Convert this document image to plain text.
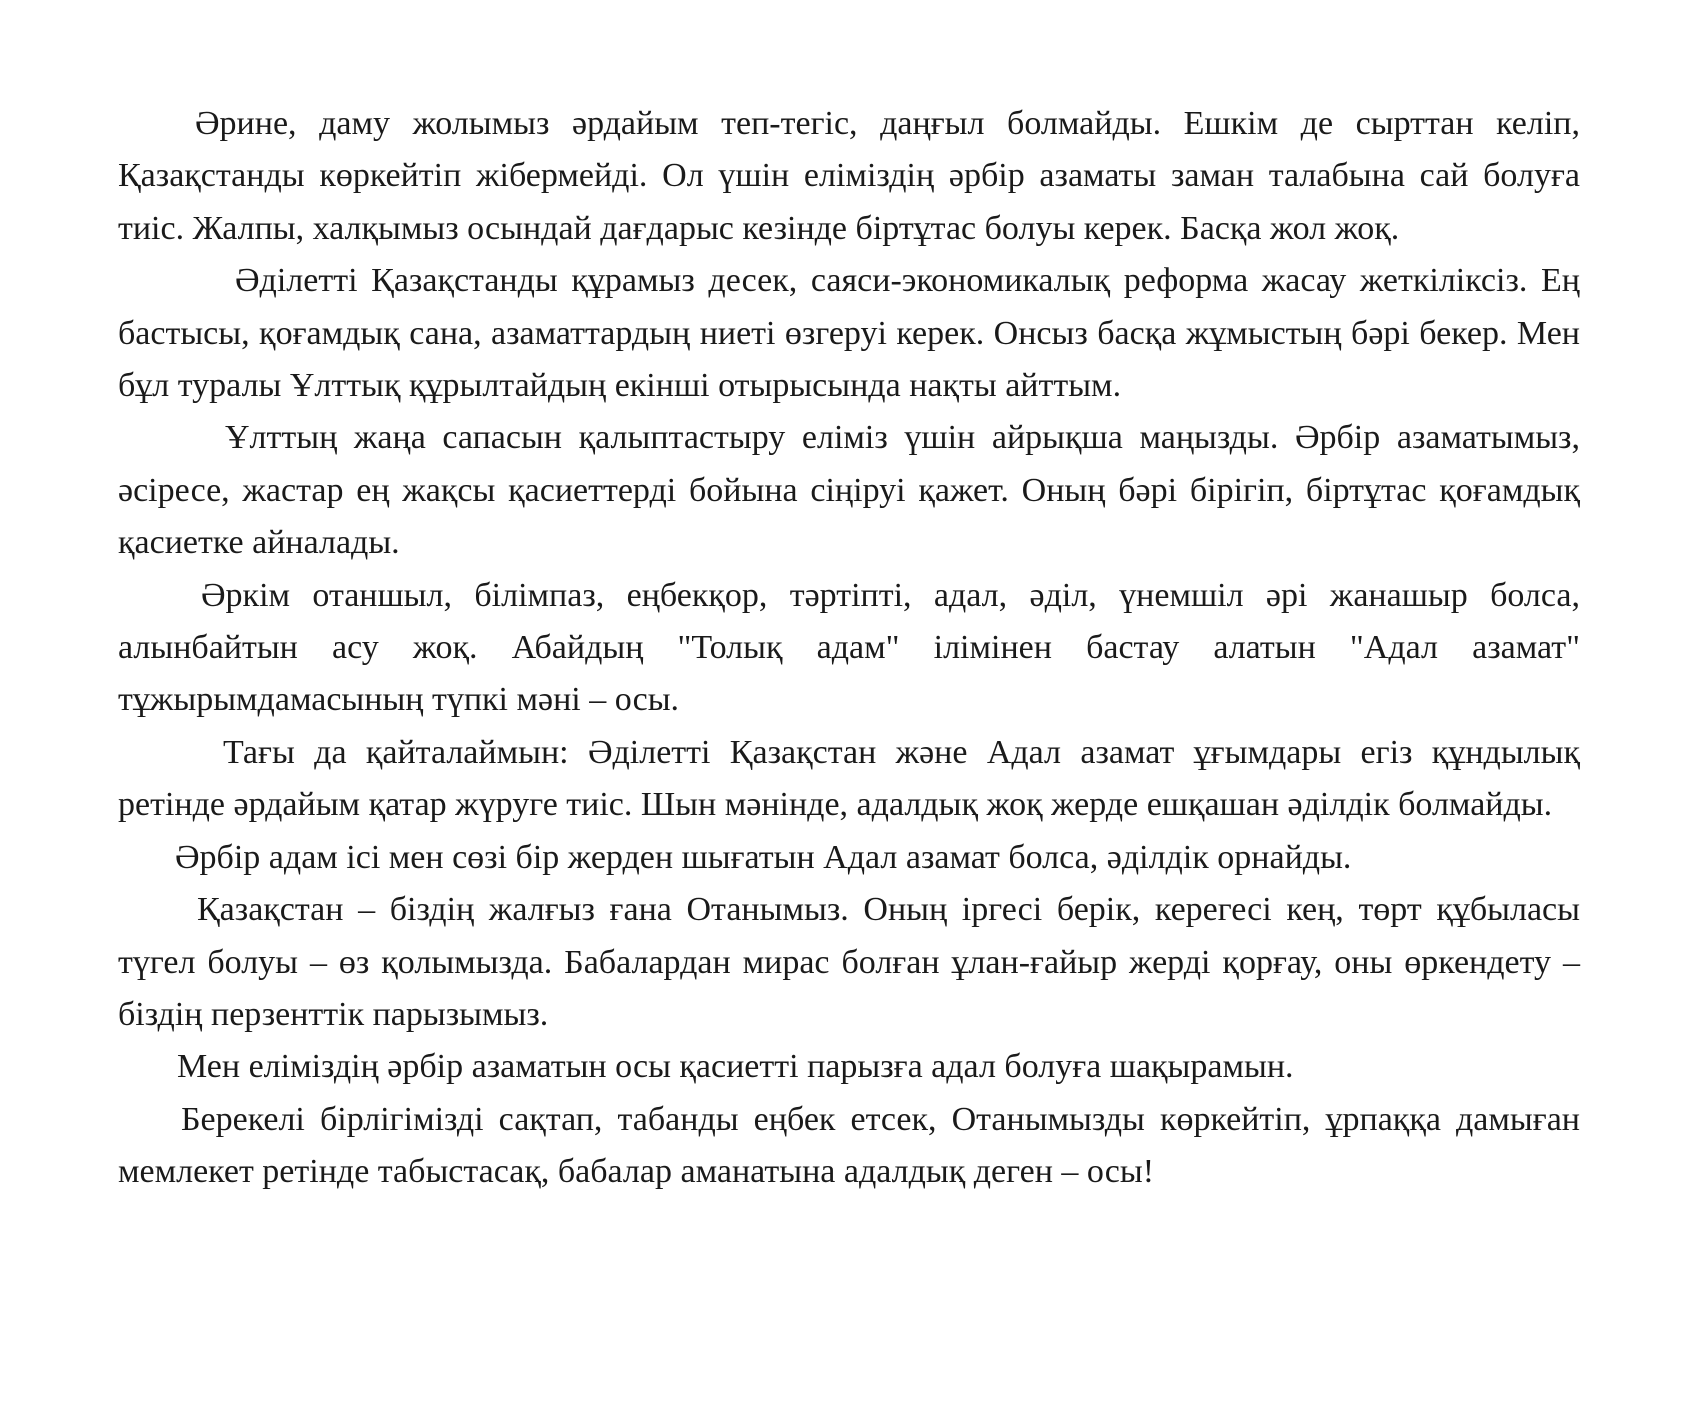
Әрине, даму жолымыз әрдайым теп-тегіс, даңғыл болмайды. Ешкім де сырттан келіп, Қазақстанды көркейтіп жібермейді. Ол үшін еліміздің әрбір азаматы заман талабына сай болуға тиіс. Жалпы, халқымыз осындай дағдарыс кезінде біртұтас болуы керек. Басқа жол жоқ.

Әділетті Қазақстанды құрамыз десек, саяси-экономикалық реформа жасау жеткіліксіз. Ең бастысы, қоғамдық сана, азаматтардың ниеті өзгеруі керек. Онсыз басқа жұмыстың бәрі бекер. Мен бұл туралы Ұлттық құрылтайдың екінші отырысында нақты айттым.

Ұлттың жаңа сапасын қалыптастыру еліміз үшін айрықша маңызды. Әрбір азаматымыз, әсіресе, жастар ең жақсы қасиеттерді бойына сіңіруі қажет. Оның бәрі бірігіп, біртұтас қоғамдық қасиетке айналады.

Әркім отаншыл, білімпаз, еңбекқор, тәртіпті, адал, әділ, үнемшіл әрі жанашыр болса, алынбайтын асу жоқ. Абайдың "Толық адам" ілімінен бастау алатын "Адал азамат" тұжырымдамасының түпкі мәні – осы.

Тағы да қайталаймын: Әділетті Қазақстан және Адал азамат ұғымдары егіз құндылық ретінде әрдайым қатар жүруге тиіс. Шын мәнінде, адалдық жоқ жерде ешқашан әділдік болмайды.

Әрбір адам ісі мен сөзі бір жерден шығатын Адал азамат болса, әділдік орнайды.

Қазақстан – біздің жалғыз ғана Отанымыз. Оның іргесі берік, керегесі кең, төрт құбыласы түгел болуы – өз қолымызда. Бабалардан мирас болған ұлан-ғайыр жерді қорғау, оны өркендету – біздің перзенттік парызымыз.

Мен еліміздің әрбір азаматын осы қасиетті парызға адал болуға шақырамын.

Берекелі бірлігімізді сақтап, табанды еңбек етсек, Отанымызды көркейтіп, ұрпаққа дамыған мемлекет ретінде табыстасақ, бабалар аманатына адалдық деген – осы!
